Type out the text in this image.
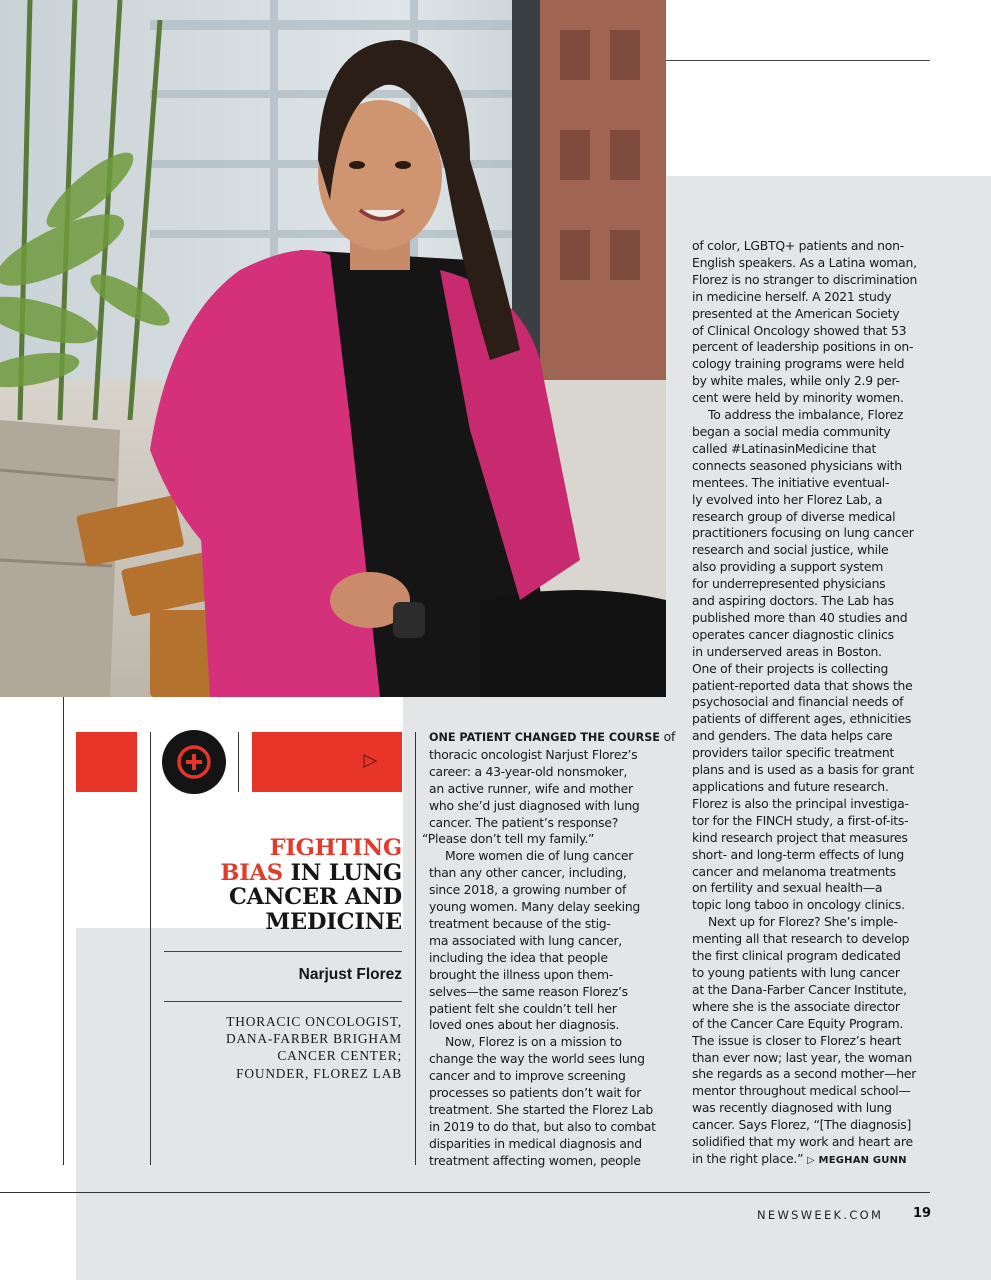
FIGHTING
BIAS IN LUNG
CANCER AND
MEDICINE
Narjust Florez
THORACIC ONCOLOGIST,
DANA-FARBER BRIGHAM
CANCER CENTER;
FOUNDER, FLOREZ LAB

ONE PATIENT CHANGED THE COURSE of

thoracic oncologist Narjust Florez’s

career: a 43-year-old nonsmoker,

an active runner, wife and mother

who she’d just diagnosed with lung

cancer. The patient’s response?

“Please don’t tell my family.”

More women die of lung cancer

than any other cancer, including,

since 2018, a growing number of

young women. Many delay seeking

treatment because of the stig-

ma associated with lung cancer,

including the idea that people

brought the illness upon them-

selves—the same reason Florez’s

patient felt she couldn’t tell her

loved ones about her diagnosis.

Now, Florez is on a mission to

change the way the world sees lung

cancer and to improve screening

processes so patients don’t wait for

treatment. She started the Florez Lab

in 2019 to do that, but also to combat

disparities in medical diagnosis and

treatment affecting women, people

of color, LGBTQ+ patients and non-

English speakers. As a Latina woman,

Florez is no stranger to discrimination

in medicine herself. A 2021 study

presented at the American Society

of Clinical Oncology showed that 53

percent of leadership positions in on-

cology training programs were held

by white males, while only 2.9 per-

cent were held by minority women.

To address the imbalance, Florez

began a social media community

called #LatinasinMedicine that

connects seasoned physicians with

mentees. The initiative eventual-

ly evolved into her Florez Lab, a

research group of diverse medical

practitioners focusing on lung cancer

research and social justice, while

also providing a support system

for underrepresented physicians

and aspiring doctors. The Lab has

published more than 40 studies and

operates cancer diagnostic clinics

in underserved areas in Boston.

One of their projects is collecting

patient-reported data that shows the

psychosocial and financial needs of

patients of different ages, ethnicities

and genders. The data helps care

providers tailor specific treatment

plans and is used as a basis for grant

applications and future research.

Florez is also the principal investiga-

tor for the FINCH study, a first-of-its-

kind research project that measures

short- and long-term effects of lung

cancer and melanoma treatments

on fertility and sexual health—a

topic long taboo in oncology clinics.

Next up for Florez? She’s imple-

menting all that research to develop

the first clinical program dedicated

to young patients with lung cancer

at the Dana-Farber Cancer Institute,

where she is the associate director

of the Cancer Care Equity Program.

The issue is closer to Florez’s heart

than ever now; last year, the woman

she regards as a second mother—her

mentor throughout medical school—

was recently diagnosed with lung

cancer. Says Florez, “[The diagnosis]

solidified that my work and heart are

in the right place.” ▷ MEGHAN GUNN

NEWSWEEK.COM 19
